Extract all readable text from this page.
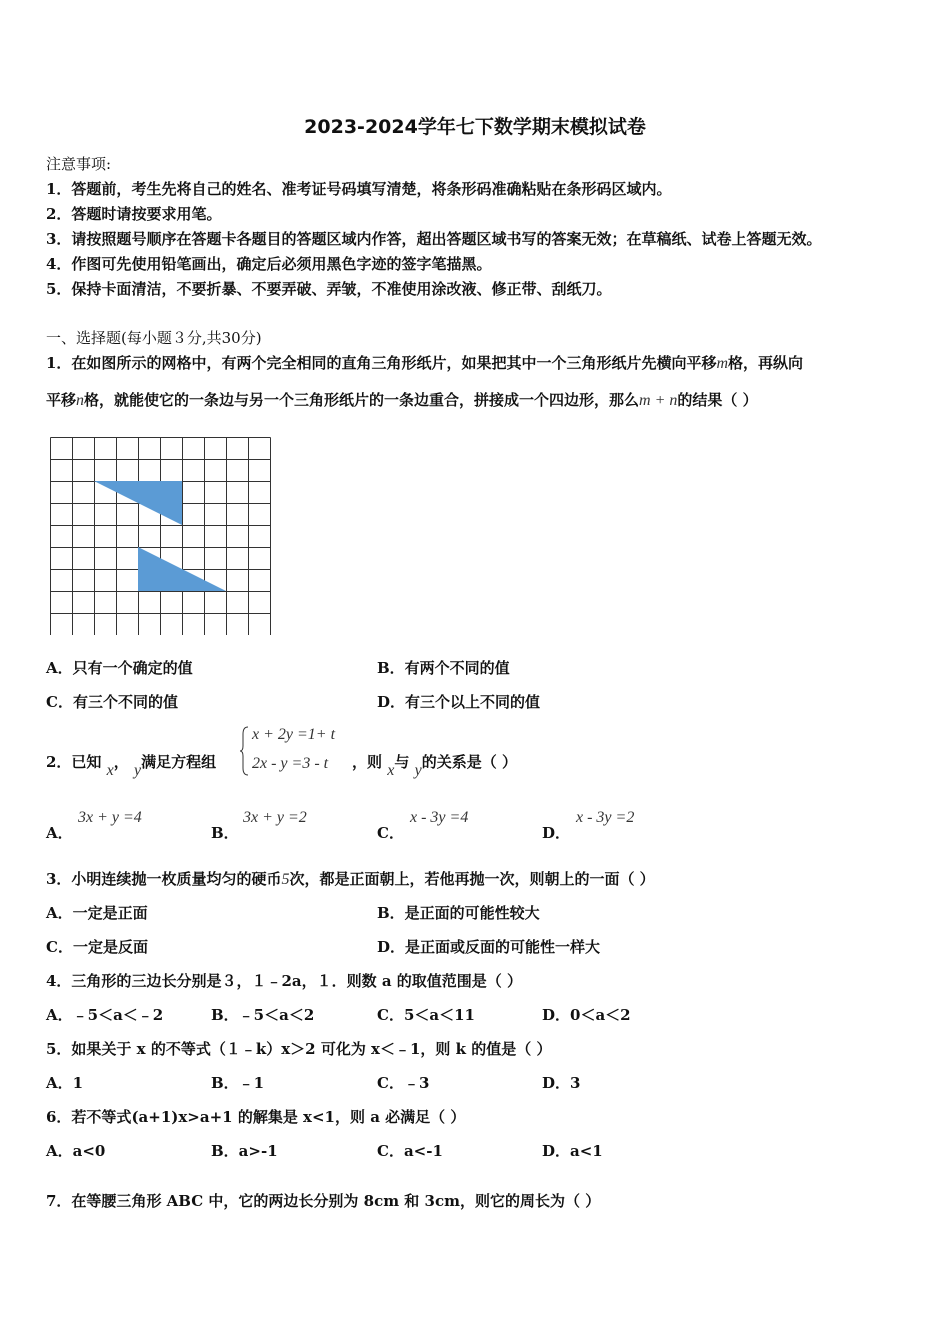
2023-2024学年七下数学期末模拟试卷
注意事项:
1．答题前，考生先将自己的姓名、准考证号码填写清楚，将条形码准确粘贴在条形码区域内。
2．答题时请按要求用笔。
3．请按照题号顺序在答题卡各题目的答题区域内作答，超出答题区域书写的答案无效；在草稿纸、试卷上答题无效。
4．作图可先使用铅笔画出，确定后必须用黑色字迹的签字笔描黑。
5．保持卡面清洁，不要折暴、不要弄破、弄皱，不准使用涂改液、修正带、刮纸刀。
一、选择题(每小题３分,共30分)
1．在如图所示的网格中，有两个完全相同的直角三角形纸片，如果把其中一个三角形纸片先横向平移m格，再纵向
平移n格，就能使它的一条边与另一个三角形纸片的一条边重合，拼接成一个四边形，那么m + n的结果（ ）
A．只有一个确定的值	B．有两个不同的值
C．有三个不同的值	D．有三个以上不同的值
2．已知 x， y满足方程组
x + 2y =1+ t
2x - y =3 - t ，则 x与 y的关系是（ ）
A．
3x + y =4
B．
3x + y =2
C．
x - 3y =4
D．
x - 3y =2
3．小明连续抛一枚质量均匀的硬币5次，都是正面朝上，若他再抛一次，则朝上的一面（ ）
A．一定是正面	B．是正面的可能性较大
C．一定是反面	D．是正面或反面的可能性一样大
4．三角形的三边长分别是３，１﹣2a，１．则数 a 的取值范围是（ ）
A．﹣5＜a＜﹣2	B．﹣5＜a＜2	C．5＜a＜11	D．0＜a＜2
5．如果关于 x 的不等式（１﹣k）x＞2 可化为 x＜﹣1，则 k 的值是（ ）
A．1	B．﹣1	C．﹣3	D．3
6．若不等式(a+1)x>a+1 的解集是 x<1，则 a 必满足（ ）
A．a<0	B．a>-1	C．a<-1	D．a<1
7．在等腰三角形 ABC 中，它的两边长分别为 8cm 和 3cm，则它的周长为（ ）
